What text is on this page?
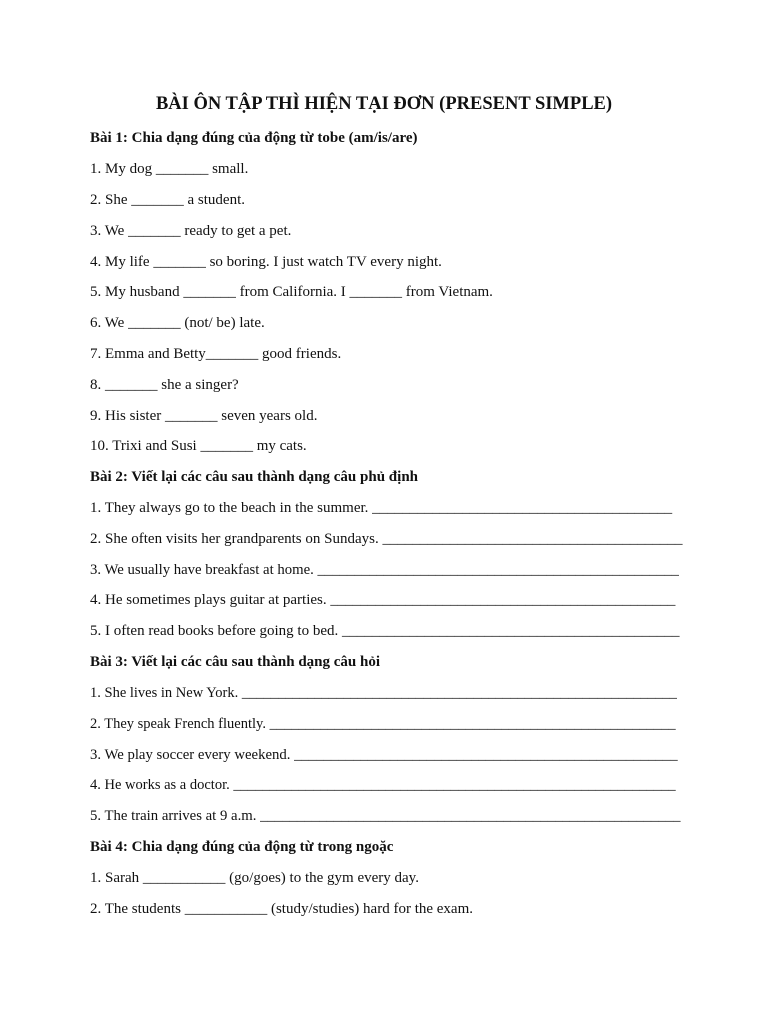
BÀI ÔN TẬP THÌ HIỆN TẠI ĐƠN (PRESENT SIMPLE)
Bài 1: Chia dạng đúng của động từ tobe (am/is/are)
1. My dog _______ small.
2. She _______ a student.
3. We _______ ready to get a pet.
4. My life _______ so boring. I just watch TV every night.
5. My husband _______ from California. I _______ from Vietnam.
6. We _______ (not/ be) late.
7. Emma and Betty_______ good friends.
8. _______ she a singer?
9. His sister _______ seven years old.
10. Trixi and Susi _______ my cats.
Bài 2: Viết lại các câu sau thành dạng câu phủ định
1. They always go to the beach in the summer. ________________________________________
2. She often visits her grandparents on Sundays. ________________________________________
3. We usually have breakfast at home. _________________________________________________
4. He sometimes plays guitar at parties. ______________________________________________
5. I often read books before going to bed. _____________________________________________
Bài 3: Viết lại các câu sau thành dạng câu hỏi
1. She lives in New York. ____________________________________________________________
2. They speak French fluently. ________________________________________________________
3. We play soccer every weekend. ____________________________________________________
4. He works as a doctor. _____________________________________________________________
5. The train arrives at 9 a.m. _________________________________________________________
Bài 4: Chia dạng đúng của động từ trong ngoặc
1. Sarah ___________ (go/goes) to the gym every day.
2. The students ___________ (study/studies) hard for the exam.
